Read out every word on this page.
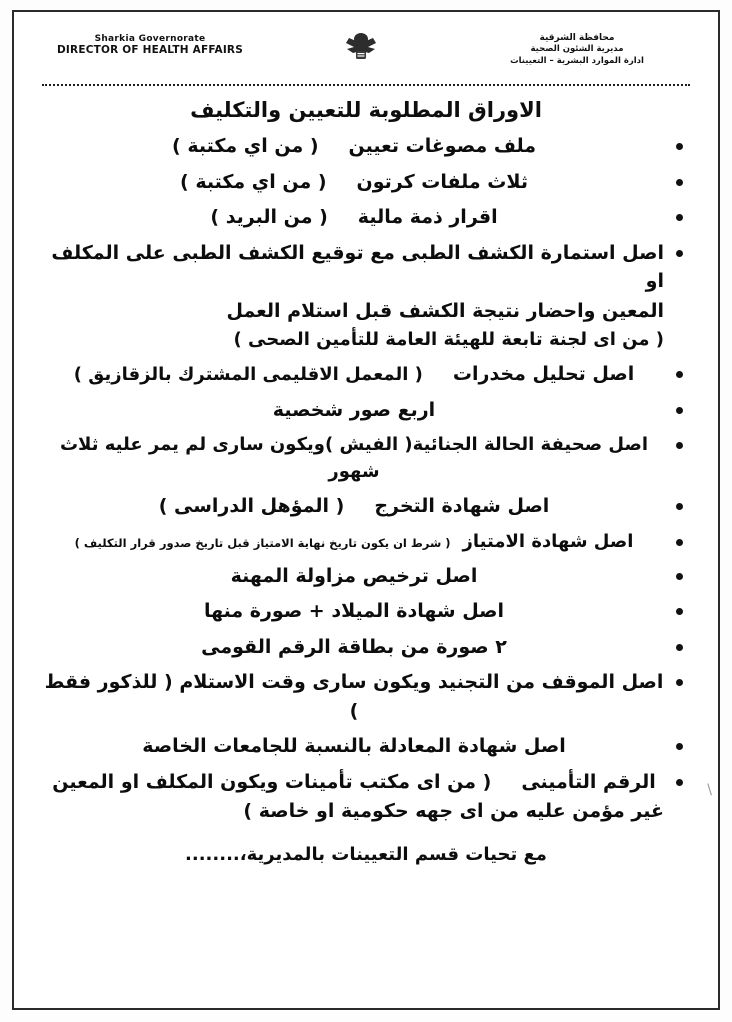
Sharkia Governorate
DIRECTOR OF HEALTH AFFAIRS
محافظة الشرقية
مديرية الشئون الصحية
ادارة الموارد البشرية – التعيينات
الاوراق المطلوبة للتعيين والتكليف
ملف مصوغات تعيين
( من اي مكتبة )
ثلاث ملفات كرتون
( من اي مكتبة )
اقرار ذمة مالية
( من البريد )
اصل استمارة الكشف الطبى مع توقيع الكشف الطبى على المكلف او
المعين واحضار نتيجة الكشف قبل استلام العمل
( من اى لجنة تابعة للهيئة العامة للتأمين الصحى )
اصل تحليل مخدرات
( المعمل الاقليمى المشترك بالزقازيق )
اربع صور شخصية
اصل صحيفة الحالة الجنائية( الفيش )ويكون سارى لم يمر عليه ثلاث شهور
اصل شهادة التخرج
( المؤهل الدراسى )
اصل شهادة الامتياز
( شرط ان يكون تاريخ نهاية الامتياز قبل تاريخ صدور قرار التكليف )
اصل ترخيص مزاولة المهنة
اصل شهادة الميلاد + صورة منها
٢ صورة من بطاقة الرقم القومى
اصل الموقف من التجنيد ويكون سارى وقت الاستلام ( للذكور فقط )
اصل شهادة المعادلة بالنسبة للجامعات الخاصة
الرقم التأمينى
( من اى مكتب تأمينات ويكون المكلف او المعين
غير مؤمن عليه من اى جهه حكومية او خاصة )
مع تحيات قسم التعيينات بالمديرية،........
\
